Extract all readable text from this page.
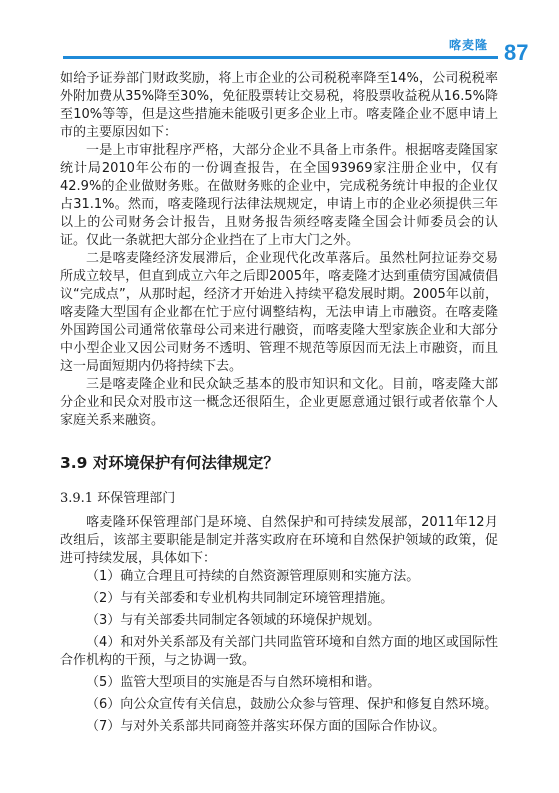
喀麦隆 87

如给予证券部门财政奖励，将上市企业的公司税税率降至14%，公司税税率外附加费从35%降至30%，免征股票转让交易税，将股票收益税从16.5%降至10%等等，但是这些措施未能吸引更多企业上市。喀麦隆企业不愿申请上市的主要原因如下：

一是上市审批程序严格，大部分企业不具备上市条件。根据喀麦隆国家统计局2010年公布的一份调查报告，在全国93969家注册企业中，仅有42.9%的企业做财务账。在做财务账的企业中，完成税务统计申报的企业仅占31.1%。然而，喀麦隆现行法律法规规定，申请上市的企业必须提供三年以上的公司财务会计报告，且财务报告须经喀麦隆全国会计师委员会的认证。仅此一条就把大部分企业挡在了上市大门之外。

二是喀麦隆经济发展滞后，企业现代化改革落后。虽然杜阿拉证券交易所成立较早，但直到成立六年之后即2005年，喀麦隆才达到重债穷国减债倡议“完成点”，从那时起，经济才开始进入持续平稳发展时期。2005年以前，喀麦隆大型国有企业都在忙于应付调整结构，无法申请上市融资。在喀麦隆外国跨国公司通常依靠母公司来进行融资，而喀麦隆大型家族企业和大部分中小型企业又因公司财务不透明、管理不规范等原因而无法上市融资，而且这一局面短期内仍将持续下去。

三是喀麦隆企业和民众缺乏基本的股市知识和文化。目前，喀麦隆大部分企业和民众对股市这一概念还很陌生，企业更愿意通过银行或者依靠个人家庭关系来融资。

3.9 对环境保护有何法律规定？
3.9.1 环保管理部门

喀麦隆环保管理部门是环境、自然保护和可持续发展部，2011年12月改组后，该部主要职能是制定并落实政府在环境和自然保护领域的政策，促进可持续发展，具体如下：

（1）确立合理且可持续的自然资源管理原则和实施方法。
（2）与有关部委和专业机构共同制定环境管理措施。
（3）与有关部委共同制定各领域的环境保护规划。
（4）和对外关系部及有关部门共同监管环境和自然方面的地区或国际性合作机构的干预，与之协调一致。
（5）监管大型项目的实施是否与自然环境相和谐。
（6）向公众宣传有关信息，鼓励公众参与管理、保护和修复自然环境。
（7）与对外关系部共同商签并落实环保方面的国际合作协议。
